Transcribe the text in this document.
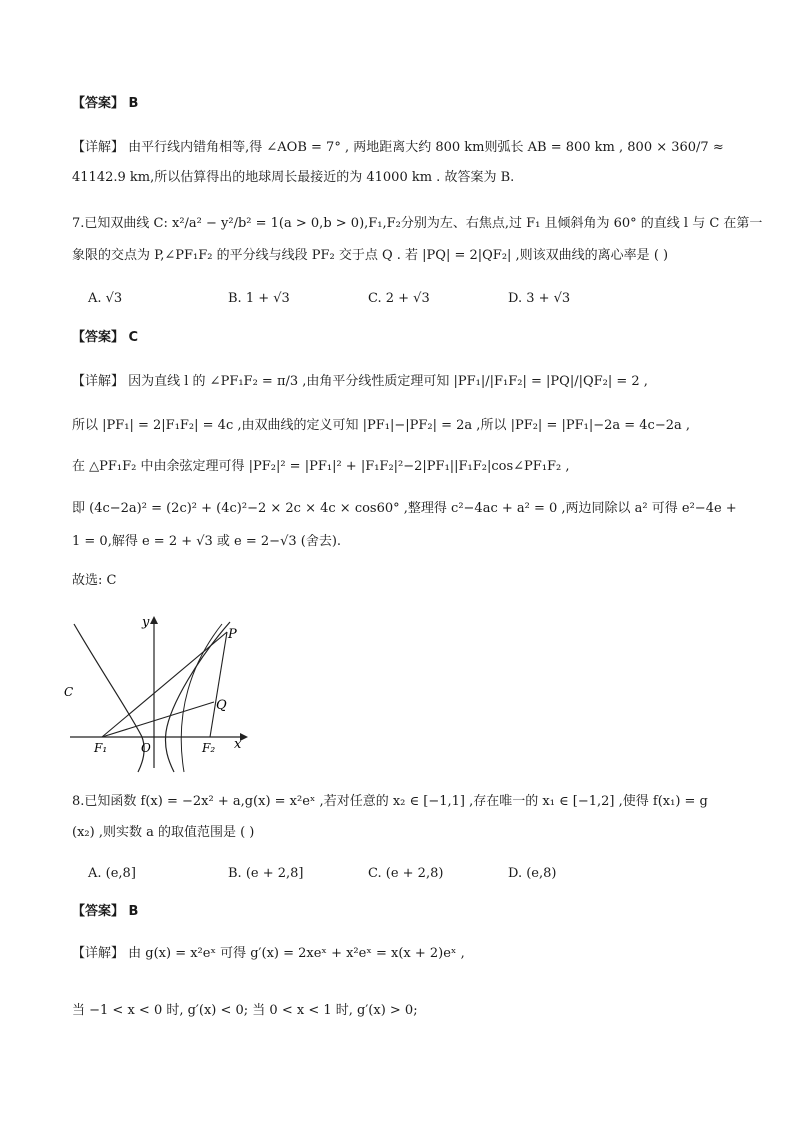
【答案】 B
【详解】 由平行线内错角相等,得 ∠AOB = 7° , 两地距离大约 800 km则弧长 AB = 800 km , 800 × 360/7 ≈
41142.9 km,所以估算得出的地球周长最接近的为 41000 km . 故答案为 B.
7.已知双曲线 C: x²/a² − y²/b² = 1(a > 0,b > 0),F₁,F₂分别为左、右焦点,过 F₁ 且倾斜角为 60° 的直线 l 与 C 在第一
象限的交点为 P,∠PF₁F₂ 的平分线与线段 PF₂ 交于点 Q . 若 |PQ| = 2|QF₂| ,则该双曲线的离心率是 ( )
A. √3	B. 1 + √3	C. 2 + √3	D. 3 + √3
【答案】 C
【详解】 因为直线 l 的 ∠PF₁F₂ = π/3 ,由角平分线性质定理可知 |PF₁|/|F₁F₂| = |PQ|/|QF₂| = 2 ,
所以 |PF₁| = 2|F₁F₂| = 4c ,由双曲线的定义可知 |PF₁|−|PF₂| = 2a ,所以 |PF₂| = |PF₁|−2a = 4c−2a ,
在 △PF₁F₂ 中由余弦定理可得 |PF₂|² = |PF₁|² + |F₁F₂|²−2|PF₁||F₁F₂|cos∠PF₁F₂ ,
即 (4c−2a)² = (2c)² + (4c)²−2 × 2c × 4c × cos60° ,整理得 c²−4ac + a² = 0 ,两边同除以 a² 可得 e²−4e +
1 = 0,解得 e = 2 + √3 或 e = 2−√3 (舍去).
故选: C
y
P
Q
F₁	O	F₂ x
C
8.已知函数 f(x) = −2x² + a,g(x) = x²eˣ ,若对任意的 x₂ ∈ [−1,1] ,存在唯一的 x₁ ∈ [−1,2] ,使得 f(x₁) = g
(x₂) ,则实数 a 的取值范围是 ( )
A. (e,8]	B. (e + 2,8]	C. (e + 2,8)	D. (e,8)
【答案】 B
【详解】 由 g(x) = x²eˣ 可得 g′(x) = 2xeˣ + x²eˣ = x(x + 2)eˣ ,
当 −1 < x < 0 时, g′(x) < 0; 当 0 < x < 1 时, g′(x) > 0;
